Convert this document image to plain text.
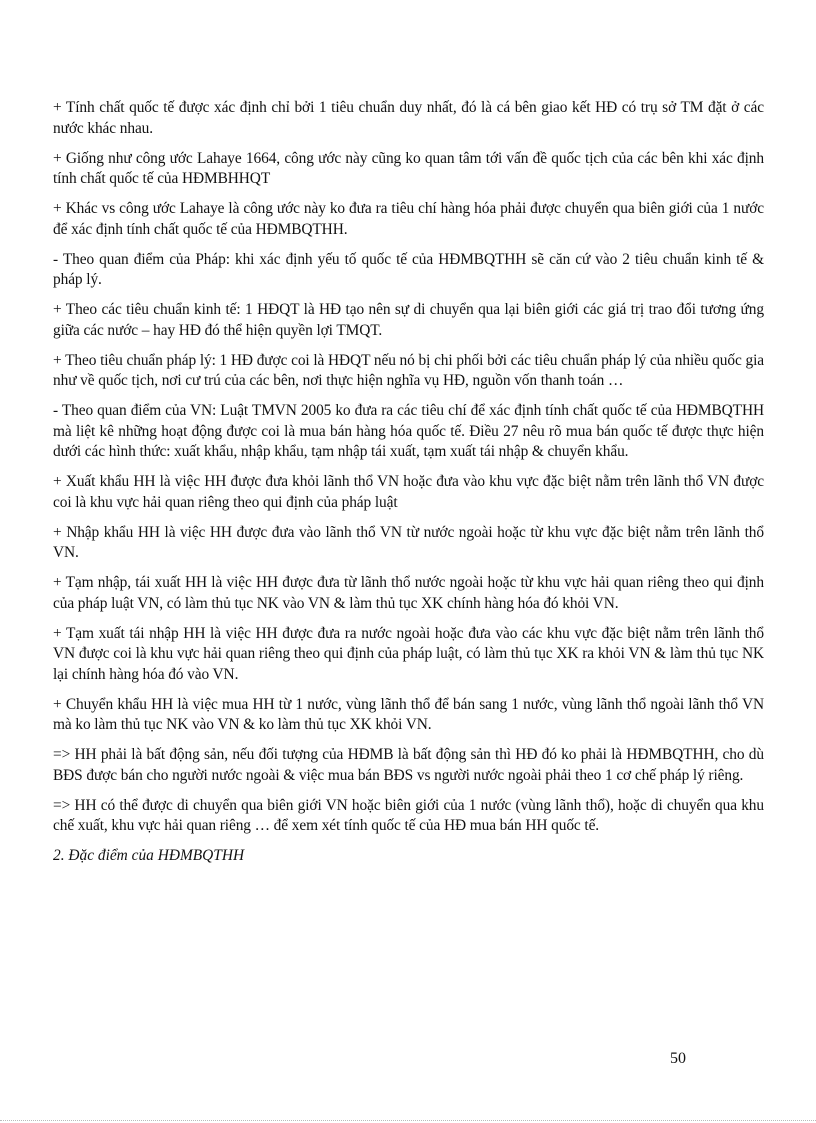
+ Tính chất quốc tế được xác định chỉ bởi 1 tiêu chuẩn duy nhất, đó là cá bên giao kết HĐ có trụ sở TM đặt ở các nước khác nhau.

+ Giống như công ước Lahaye 1664, công ước này cũng ko quan tâm tới vấn đề quốc tịch của các bên khi xác định tính chất quốc tế của HĐMBHHQT

+ Khác vs công ước Lahaye là công ước này ko đưa ra tiêu chí hàng hóa phải được chuyển qua biên giới của 1 nước để xác định tính chất quốc tế của HĐMBQTHH.

- Theo quan điểm của Pháp: khi xác định yếu tố quốc tế của HĐMBQTHH sẽ căn cứ vào 2 tiêu chuẩn kinh tế & pháp lý.

+ Theo các tiêu chuẩn kinh tế: 1 HĐQT là HĐ tạo nên sự di chuyển qua lại biên giới các giá trị trao đổi tương ứng giữa các nước – hay HĐ đó thể hiện quyền lợi TMQT.

+ Theo tiêu chuẩn pháp lý: 1 HĐ được coi là HĐQT nếu nó bị chi phối bởi các tiêu chuẩn pháp lý của nhiều quốc gia như về quốc tịch, nơi cư trú của các bên, nơi thực hiện nghĩa vụ HĐ, nguồn vốn thanh toán …

- Theo quan điểm của VN: Luật TMVN 2005 ko đưa ra các tiêu chí để xác định tính chất quốc tế của HĐMBQTHH mà liệt kê những hoạt động được coi là mua bán hàng hóa quốc tế. Điều 27 nêu rõ mua bán quốc tế được thực hiện dưới các hình thức: xuất khẩu, nhập khẩu, tạm nhập tái xuất, tạm xuất tái nhập & chuyển khẩu.

+ Xuất khẩu HH là việc HH được đưa khỏi lãnh thổ VN hoặc đưa vào khu vực đặc biệt nằm trên lãnh thổ VN được coi là khu vực hải quan riêng theo qui định của pháp luật

+ Nhập khẩu HH là việc HH được đưa vào lãnh thổ VN từ nước ngoài hoặc từ khu vực đặc biệt nằm trên lãnh thổ VN.

+ Tạm nhập, tái xuất HH là việc HH được đưa từ lãnh thổ nước ngoài hoặc từ khu vực hải quan riêng theo qui định của pháp luật VN, có làm thủ tục NK vào VN & làm thủ tục XK chính hàng hóa đó khỏi VN.

+ Tạm xuất tái nhập HH là việc HH được đưa ra nước ngoài hoặc đưa vào các khu vực đặc biệt nằm trên lãnh thổ VN được coi là khu vực hải quan riêng theo qui định của pháp luật, có làm thủ tục XK ra khỏi VN & làm thủ tục NK lại chính hàng hóa đó vào VN.

+ Chuyển khẩu HH là việc mua HH từ 1 nước, vùng lãnh thổ để bán sang 1 nước, vùng lãnh thổ ngoài lãnh thổ VN mà ko làm thủ tục NK vào VN & ko làm thủ tục XK khỏi VN.

=> HH phải là bất động sản, nếu đối tượng của HĐMB là bất động sản thì HĐ đó ko phải là HĐMBQTHH, cho dù BĐS được bán cho người nước ngoài & việc mua bán BĐS vs người nước ngoài phải theo 1 cơ chế pháp lý riêng.

=> HH có thể được di chuyển qua biên giới VN hoặc biên giới của 1 nước (vùng lãnh thổ), hoặc di chuyển qua khu chế xuất, khu vực hải quan riêng … để xem xét tính quốc tế của HĐ mua bán HH quốc tế.

2. Đặc điểm của HĐMBQTHH

50
